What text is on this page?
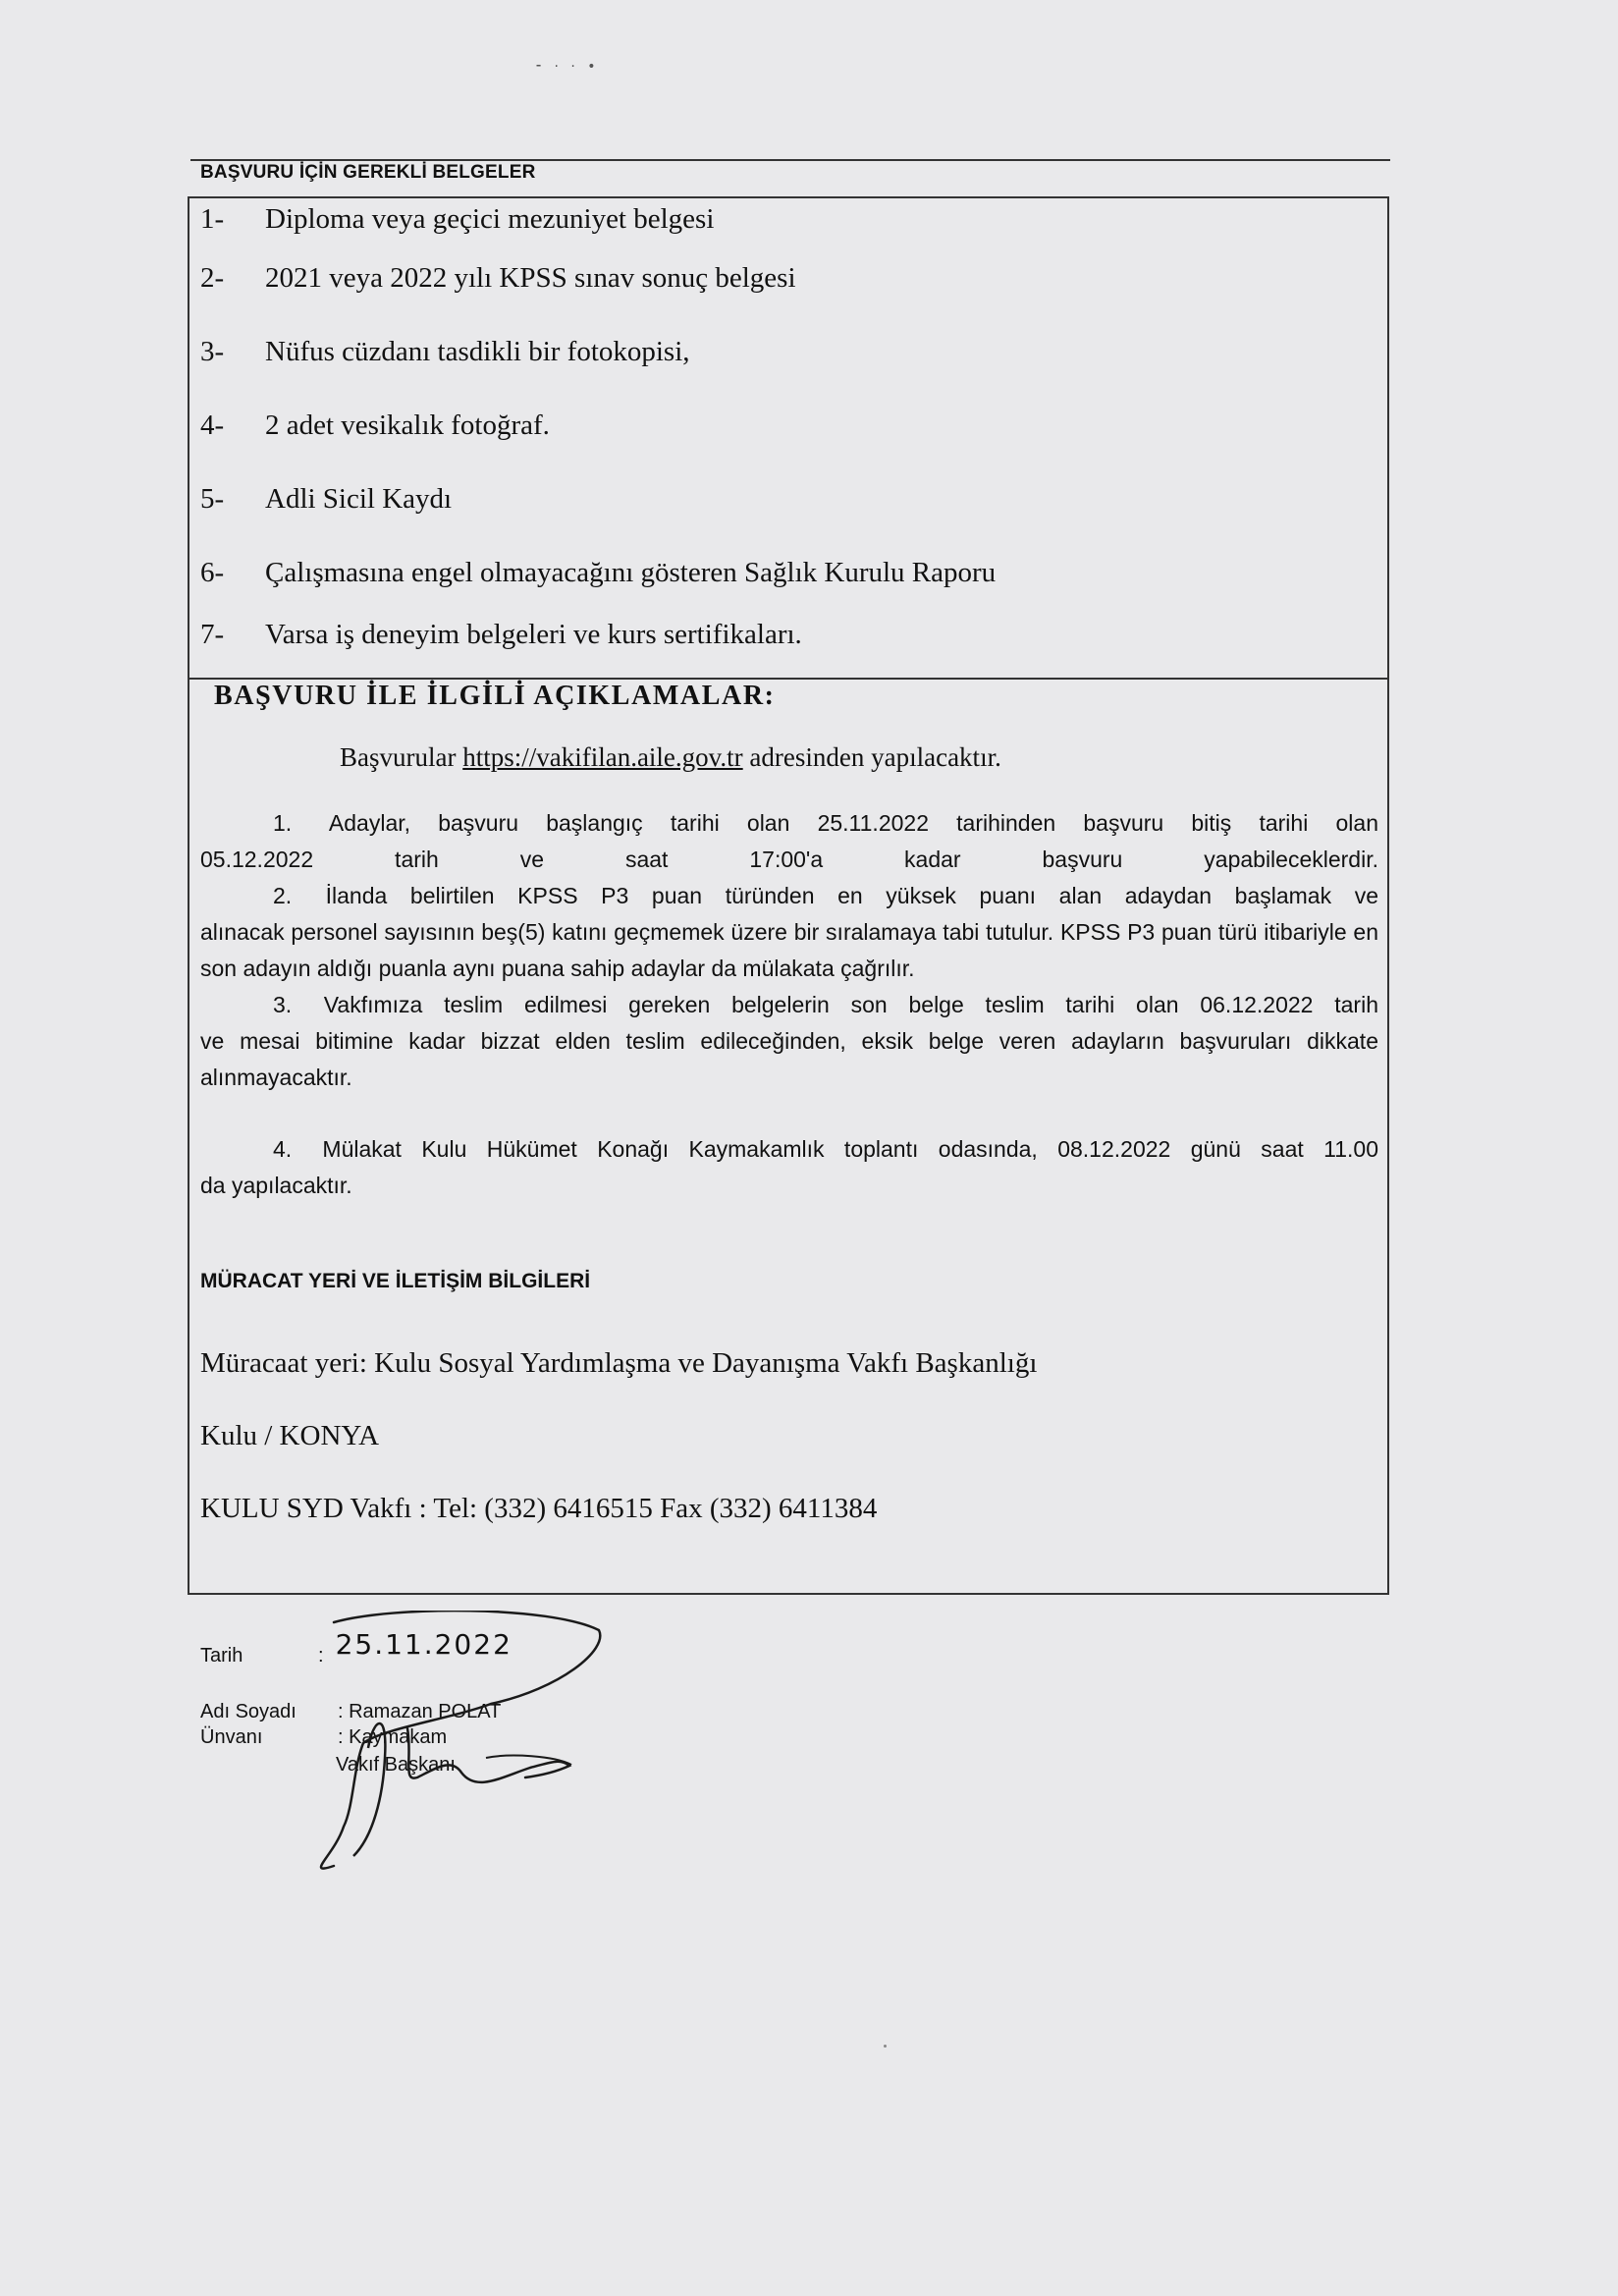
⁃ · · •
BAŞVURU İÇİN GEREKLİ BELGELER
1-	Diploma veya geçici mezuniyet belgesi
2-	2021 veya 2022 yılı KPSS sınav sonuç belgesi
3-	Nüfus cüzdanı tasdikli bir fotokopisi,
4-	2 adet vesikalık fotoğraf.
5-	Adli Sicil Kaydı
6-	Çalışmasına engel olmayacağını gösteren Sağlık Kurulu Raporu
7-	Varsa iş deneyim belgeleri ve kurs sertifikaları.
BAŞVURU İLE İLGİLİ AÇIKLAMALAR:
Başvurular https://vakifilan.aile.gov.tr adresinden yapılacaktır.

1. Adaylar, başvuru başlangıç tarihi olan 25.11.2022 tarihinden başvuru bitiş tarihi olan

05.12.2022 tarih ve saat 17:00'a kadar başvuru yapabileceklerdir.

2. İlanda belirtilen KPSS P3 puan türünden en yüksek puanı alan adaydan başlamak ve

alınacak personel sayısının beş(5) katını geçmemek üzere bir sıralamaya tabi tutulur. KPSS P3 puan türü itibariyle en son adayın aldığı puanla aynı puana sahip adaylar da mülakata çağrılır.

3. Vakfımıza teslim edilmesi gereken belgelerin son belge teslim tarihi olan 06.12.2022 tarih

ve mesai bitimine kadar bizzat elden teslim edileceğinden, eksik belge veren adayların başvuruları dikkate alınmayacaktır.

4. Mülakat Kulu Hükümet Konağı Kaymakamlık toplantı odasında, 08.12.2022 günü saat 11.00

da yapılacaktır.

MÜRACAT YERİ VE İLETİŞİM BİLGİLERİ
Müracaat yeri: Kulu Sosyal Yardımlaşma ve Dayanışma Vakfı Başkanlığı
Kulu / KONYA
KULU SYD Vakfı : Tel: (332) 6416515 Fax (332) 6411384
Tarih	: 25.11.2022
Adı Soyadı : Ramazan POLAT
Ünvanı	: Kaymakam
Vakıf Başkanı
